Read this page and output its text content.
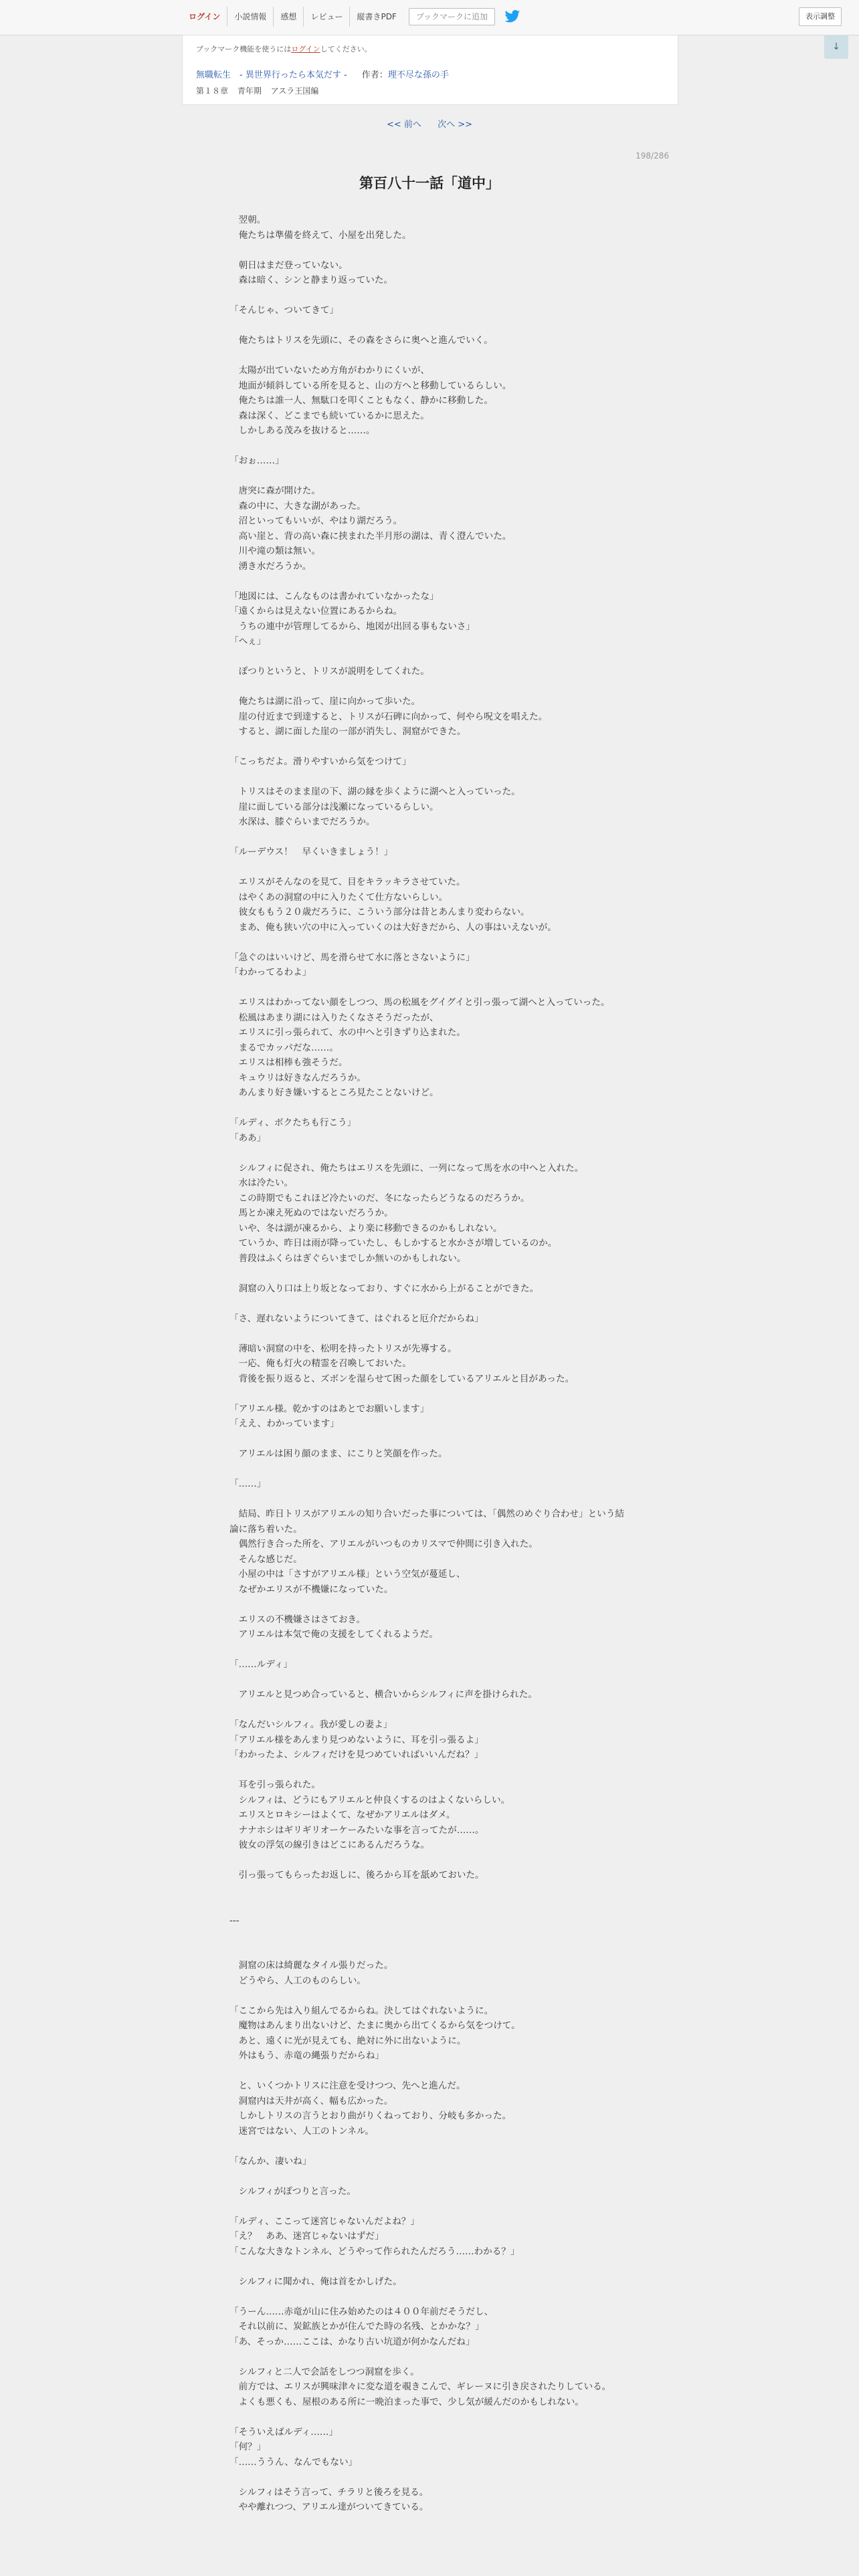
ログイン	小説情報	感想	レビュー	縦書きPDF	ブックマークに追加	表示調整
↓
ブックマーク機能を使うにはログインしてください。
無職転生　- 異世界行ったら本気だす - 作者：理不尽な孫の手
第１８章 青年期 アスラ王国編
<< 前へ 次へ >>
198/286
第百八十一話「道中」

　翌朝。

　俺たちは準備を終えて、小屋を出発した。

　朝日はまだ登っていない。

　森は暗く、シンと静まり返っていた。

「そんじゃ、ついてきて」

　俺たちはトリスを先頭に、その森をさらに奥へと進んでいく。

　太陽が出ていないため方角がわかりにくいが、

　地面が傾斜している所を見ると、山の方へと移動しているらしい。

　俺たちは誰一人、無駄口を叩くこともなく、静かに移動した。

　森は深く、どこまでも続いているかに思えた。

　しかしある茂みを抜けると……。

「おぉ……」

　唐突に森が開けた。

　森の中に、大きな湖があった。

　沼といってもいいが、やはり湖だろう。

　高い崖と、背の高い森に挟まれた半月形の湖は、青く澄んでいた。

　川や滝の類は無い。

　湧き水だろうか。

「地図には、こんなものは書かれていなかったな」

「遠くからは見えない位置にあるからね。

　うちの連中が管理してるから、地図が出回る事もないさ」

「へぇ」

　ぽつりというと、トリスが説明をしてくれた。

　俺たちは湖に沿って、崖に向かって歩いた。

　崖の付近まで到達すると、トリスが石碑に向かって、何やら呪文を唱えた。

　すると、湖に面した崖の一部が消失し、洞窟ができた。

「こっちだよ。滑りやすいから気をつけて」

　トリスはそのまま崖の下、湖の縁を歩くように湖へと入っていった。

　崖に面している部分は浅瀬になっているらしい。

　水深は、膝ぐらいまでだろうか。

「ルーデウス！　早くいきましょう！」

　エリスがそんなのを見て、目をキラッキラさせていた。

　はやくあの洞窟の中に入りたくて仕方ないらしい。

　彼女ももう２０歳だろうに、こういう部分は昔とあんまり変わらない。

　まあ、俺も狭い穴の中に入っていくのは大好きだから、人の事はいえないが。

「急ぐのはいいけど、馬を滑らせて水に落とさないように」

「わかってるわよ」

　エリスはわかってない顔をしつつ、馬の松風をグイグイと引っ張って湖へと入っていった。

　松風はあまり湖には入りたくなさそうだったが、

　エリスに引っ張られて、水の中へと引きずり込まれた。

　まるでカッパだな……。

　エリスは相棒も強そうだ。

　キュウリは好きなんだろうか。

　あんまり好き嫌いするところ見たことないけど。

「ルディ、ボクたちも行こう」

「ああ」

　シルフィに促され、俺たちはエリスを先頭に、一列になって馬を水の中へと入れた。

　水は冷たい。

　この時期でもこれほど冷たいのだ、冬になったらどうなるのだろうか。

　馬とか凍え死ぬのではないだろうか。

　いや、冬は湖が凍るから、より楽に移動できるのかもしれない。

　ていうか、昨日は雨が降っていたし、もしかすると水かさが増しているのか。

　普段はふくらはぎぐらいまでしか無いのかもしれない。

　洞窟の入り口は上り坂となっており、すぐに水から上がることができた。

「さ、遅れないようについてきて、はぐれると厄介だからね」

　薄暗い洞窟の中を、松明を持ったトリスが先導する。

　一応、俺も灯火の精霊を召喚しておいた。

　背後を振り返ると、ズボンを湿らせて困った顔をしているアリエルと目があった。

「アリエル様。乾かすのはあとでお願いします」

「ええ、わかっています」

　アリエルは困り顔のまま、にこりと笑顔を作った。

「……」

　結局、昨日トリスがアリエルの知り合いだった事については、「偶然のめぐり合わせ」という結論に落ち着いた。

　偶然行き合った所を、アリエルがいつものカリスマで仲間に引き入れた。

　そんな感じだ。

　小屋の中は「さすがアリエル様」という空気が蔓延し、

　なぜかエリスが不機嫌になっていた。

　エリスの不機嫌さはさておき。

　アリエルは本気で俺の支援をしてくれるようだ。

「……ルディ」

　アリエルと見つめ合っていると、横合いからシルフィに声を掛けられた。

「なんだいシルフィ。我が愛しの妻よ」

「アリエル様をあんまり見つめないように、耳を引っ張るよ」

「わかったよ、シルフィだけを見つめていればいいんだね？」

　耳を引っ張られた。

　シルフィは、どうにもアリエルと仲良くするのはよくないらしい。

　エリスとロキシーはよくて、なぜかアリエルはダメ。

　ナナホシはギリギリオーケーみたいな事を言ってたが……。

　彼女の浮気の線引きはどこにあるんだろうな。

　引っ張ってもらったお返しに、後ろから耳を舐めておいた。

---

　洞窟の床は綺麗なタイル張りだった。

　どうやら、人工のものらしい。

「ここから先は入り組んでるからね。決してはぐれないように。

　魔物はあんまり出ないけど、たまに奥から出てくるから気をつけて。

　あと、遠くに光が見えても、絶対に外に出ないように。

　外はもう、赤竜の縄張りだからね」

　と、いくつかトリスに注意を受けつつ、先へと進んだ。

　洞窟内は天井が高く、幅も広かった。

　しかしトリスの言うとおり曲がりくねっており、分岐も多かった。

　迷宮ではない、人工のトンネル。

「なんか、凄いね」

　シルフィがぽつりと言った。

「ルディ、ここって迷宮じゃないんだよね？」

「え？　ああ、迷宮じゃないはずだ」

「こんな大きなトンネル、どうやって作られたんだろう……わかる？」

　シルフィに聞かれ、俺は首をかしげた。

「うーん……赤竜が山に住み始めたのは４００年前だそうだし、

　それ以前に、炭鉱族とかが住んでた時の名残、とかかな？」

「あ、そっか……ここは、かなり古い坑道が何かなんだね」

　シルフィと二人で会話をしつつ洞窟を歩く。

　前方では、エリスが興味津々に変な道を覗きこんで、ギレーヌに引き戻されたりしている。

　よくも悪くも、屋根のある所に一晩泊まった事で、少し気が緩んだのかもしれない。

「そういえばルディ……」

「何？」

「……ううん、なんでもない」

　シルフィはそう言って、チラリと後ろを見る。

　やや離れつつ、アリエル達がついてきている。
